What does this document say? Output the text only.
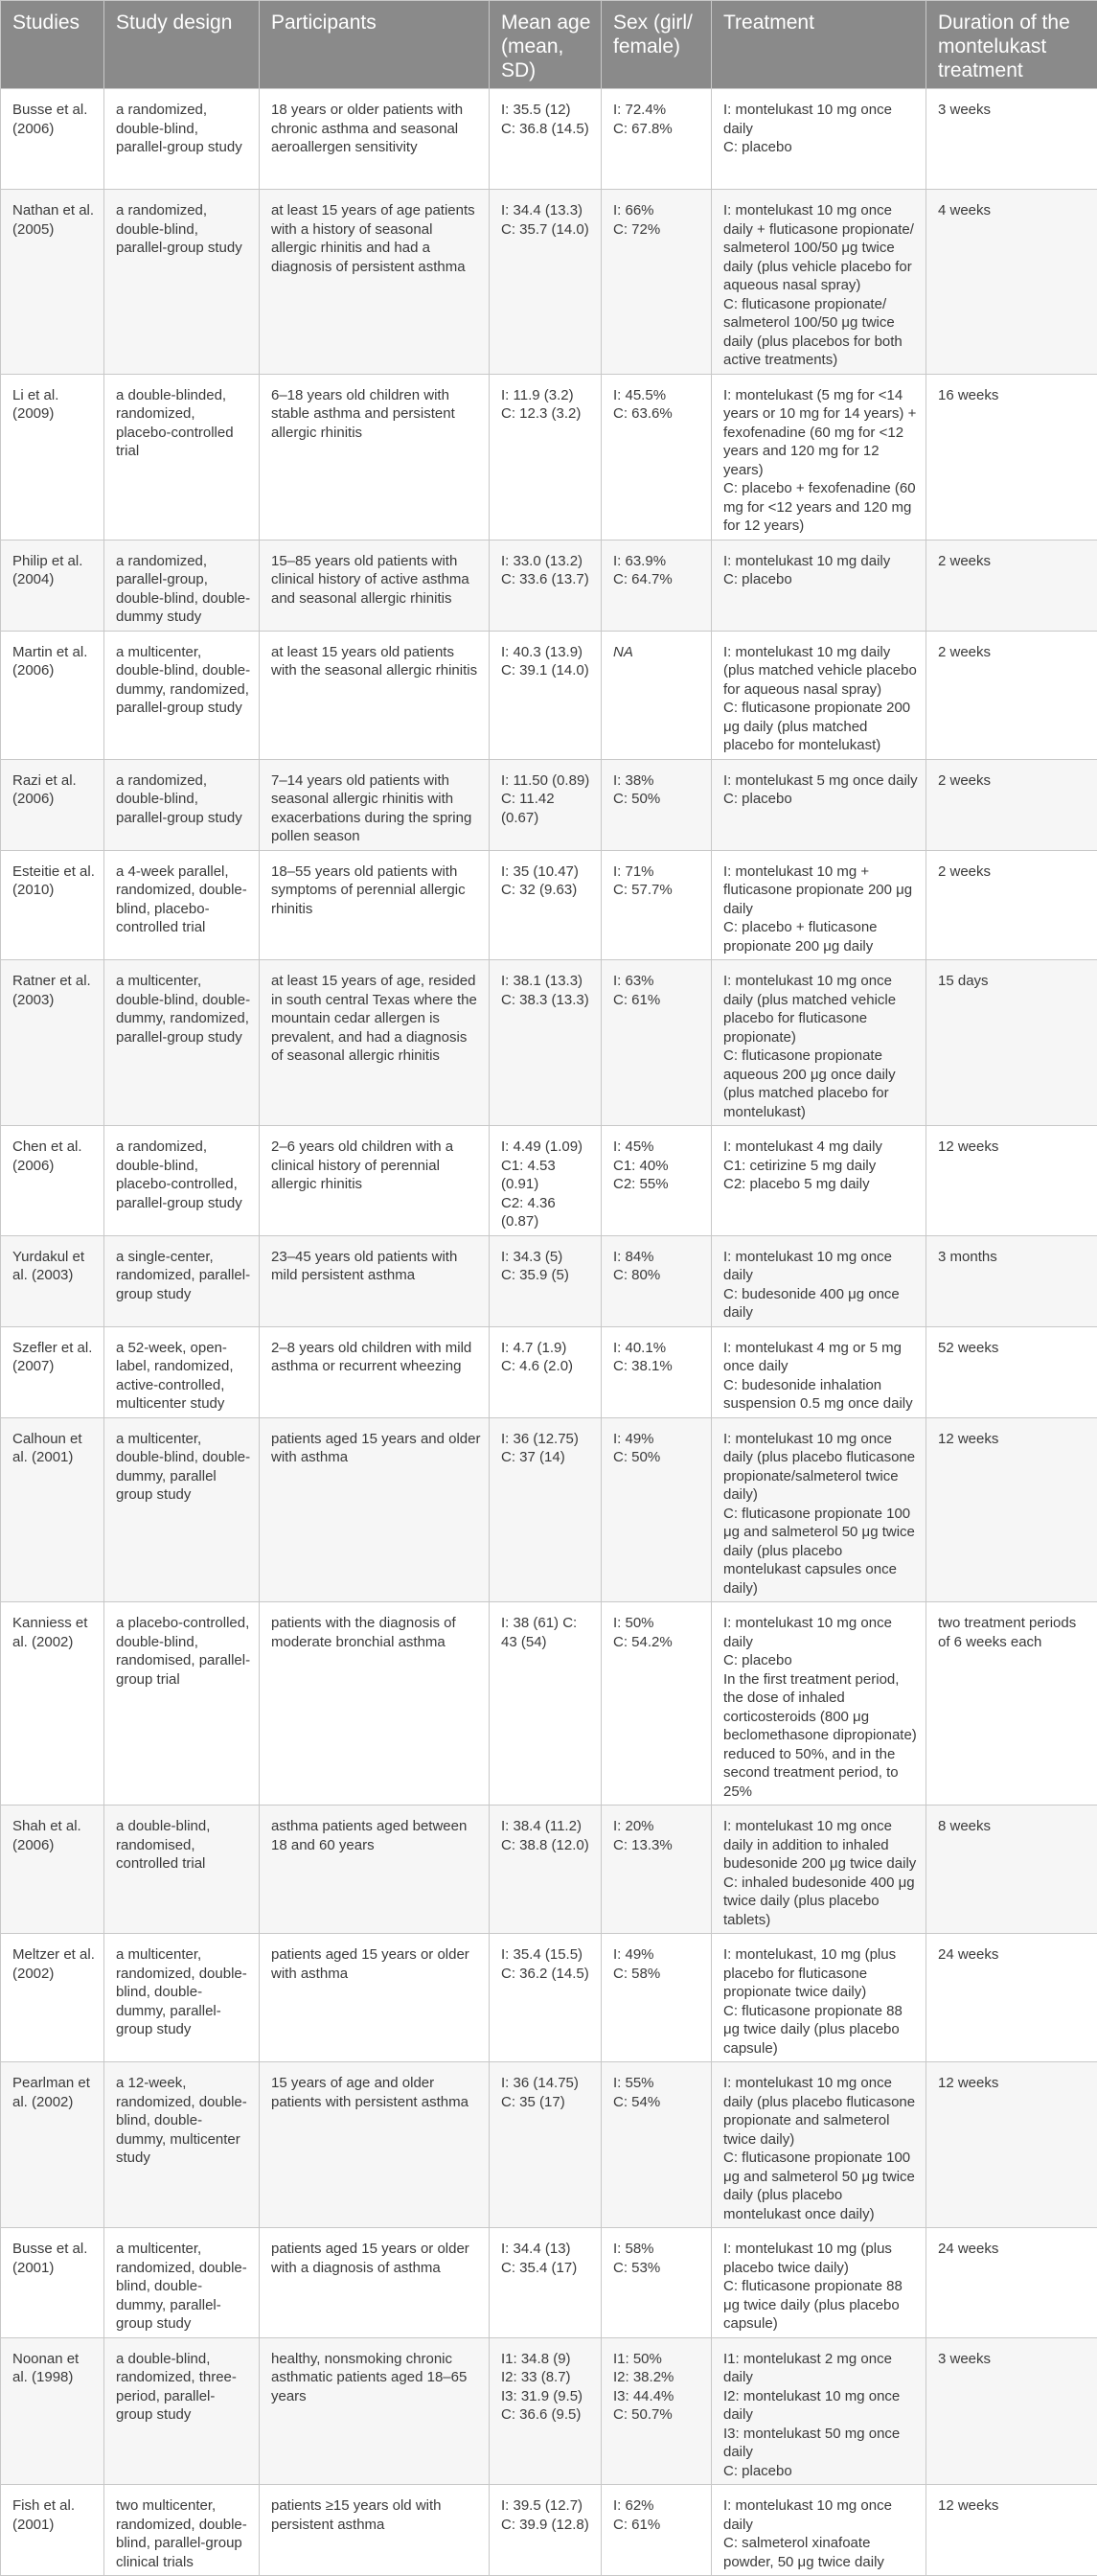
Studies	Study design	Participants	Mean age (mean, SD)	Sex (girl/ female)	Treatment	Duration of the montelukast treatment

Busse et al. (2006)	a randomized, double-blind, parallel-group study	18 years or older patients with chronic asthma and seasonal aeroallergen sensitivity	I: 35.5 (12)
C: 36.8 (14.5)	I: 72.4%
C: 67.8%	I: montelukast 10 mg once daily
C: placebo	3 weeks

Nathan et al. (2005)	a randomized, double-blind, parallel-group study	at least 15 years of age patients with a history of seasonal allergic rhinitis and had a diagnosis of persistent asthma	I: 34.4 (13.3)
C: 35.7 (14.0)	I: 66%
C: 72%	I: montelukast 10 mg once daily + fluticasone propionate/ salmeterol 100/50 μg twice daily (plus vehicle placebo for aqueous nasal spray)
C: fluticasone propionate/ salmeterol 100/50 μg twice daily (plus placebos for both active treatments)	4 weeks

Li et al. (2009)	a double-blinded, randomized, placebo-controlled trial	6–18 years old children with stable asthma and persistent allergic rhinitis	I: 11.9 (3.2)
C: 12.3 (3.2)	I: 45.5%
C: 63.6%	I: montelukast (5 mg for <14 years or 10 mg for 14 years) + fexofenadine (60 mg for <12 years and 120 mg for 12 years)
C: placebo + fexofenadine (60 mg for <12 years and 120 mg for 12 years)	16 weeks

Philip et al. (2004)	a randomized, parallel-group, double-blind, double-dummy study	15–85 years old patients with clinical history of active asthma and seasonal allergic rhinitis	I: 33.0 (13.2)
C: 33.6 (13.7)	I: 63.9%
C: 64.7%	I: montelukast 10 mg daily
C: placebo	2 weeks

Martin et al. (2006)	a multicenter, double-blind, double-dummy, randomized, parallel-group study	at least 15 years old patients with the seasonal allergic rhinitis	I: 40.3 (13.9)
C: 39.1 (14.0)	NA	I: montelukast 10 mg daily (plus matched vehicle placebo for aqueous nasal spray)
C: fluticasone propionate 200 μg daily (plus matched placebo for montelukast)	2 weeks

Razi et al. (2006)	a randomized, double-blind, parallel-group study	7–14 years old patients with seasonal allergic rhinitis with exacerbations during the spring pollen season	I: 11.50 (0.89)
C: 11.42 (0.67)	I: 38%
C: 50%	I: montelukast 5 mg once daily
C: placebo	2 weeks

Esteitie et al. (2010)	a 4-week parallel, randomized, double-blind, placebo-controlled trial	18–55 years old patients with symptoms of perennial allergic rhinitis	I: 35 (10.47)
C: 32 (9.63)	I: 71%
C: 57.7%	I: montelukast 10 mg + fluticasone propionate 200 μg daily
C: placebo + fluticasone propionate 200 μg daily	2 weeks

Ratner et al. (2003)	a multicenter, double-blind, double-dummy, randomized, parallel-group study	at least 15 years of age, resided in south central Texas where the mountain cedar allergen is prevalent, and had a diagnosis of seasonal allergic rhinitis	I: 38.1 (13.3)
C: 38.3 (13.3)	I: 63%
C: 61%	I: montelukast 10 mg once daily (plus matched vehicle placebo for fluticasone propionate)
C: fluticasone propionate aqueous 200 μg once daily (plus matched placebo for montelukast)	15 days

Chen et al. (2006)	a randomized, double-blind, placebo-controlled, parallel-group study	2–6 years old children with a clinical history of perennial allergic rhinitis	I: 4.49 (1.09)
C1: 4.53 (0.91)
C2: 4.36 (0.87)	I: 45%
C1: 40%
C2: 55%	I: montelukast 4 mg daily
C1: cetirizine 5 mg daily
C2: placebo 5 mg daily	12 weeks

Yurdakul et al. (2003)	a single-center, randomized, parallel-group study	23–45 years old patients with mild persistent asthma	I: 34.3 (5)
C: 35.9 (5)	I: 84%
C: 80%	I: montelukast 10 mg once daily
C: budesonide 400 μg once daily	3 months

Szefler et al. (2007)	a 52-week, open-label, randomized, active-controlled, multicenter study	2–8 years old children with mild asthma or recurrent wheezing	I: 4.7 (1.9)
C: 4.6 (2.0)	I: 40.1%
C: 38.1%	I: montelukast 4 mg or 5 mg once daily
C: budesonide inhalation suspension 0.5 mg once daily	52 weeks

Calhoun et al. (2001)	a multicenter, double-blind, double-dummy, parallel group study	patients aged 15 years and older with asthma	I: 36 (12.75)
C: 37 (14)	I: 49%
C: 50%	I: montelukast 10 mg once daily (plus placebo fluticasone propionate/salmeterol twice daily)
C: fluticasone propionate 100 μg and salmeterol 50 μg twice daily (plus placebo montelukast capsules once daily)	12 weeks

Kanniess et al. (2002)	a placebo-controlled, double-blind, randomised, parallel-group trial	patients with the diagnosis of moderate bronchial asthma	I: 38 (61) C: 43 (54)	I: 50%
C: 54.2%	I: montelukast 10 mg once daily
C: placebo
In the first treatment period, the dose of inhaled corticosteroids (800 μg beclomethasone dipropionate) reduced to 50%, and in the second treatment period, to 25%	two treatment periods of 6 weeks each

Shah et al. (2006)	a double-blind, randomised, controlled trial	asthma patients aged between 18 and 60 years	I: 38.4 (11.2)
C: 38.8 (12.0)	I: 20%
C: 13.3%	I: montelukast 10 mg once daily in addition to inhaled budesonide 200 μg twice daily
C: inhaled budesonide 400 μg twice daily (plus placebo tablets)	8 weeks

Meltzer et al. (2002)	a multicenter, randomized, double-blind, double-dummy, parallel-group study	patients aged 15 years or older with asthma	I: 35.4 (15.5)
C: 36.2 (14.5)	I: 49%
C: 58%	I: montelukast, 10 mg (plus placebo for fluticasone propionate twice daily)
C: fluticasone propionate 88 μg twice daily (plus placebo capsule)	24 weeks

Pearlman et al. (2002)	a 12-week, randomized, double-blind, double-dummy, multicenter study	15 years of age and older patients with persistent asthma	I: 36 (14.75)
C: 35 (17)	I: 55%
C: 54%	I: montelukast 10 mg once daily (plus placebo fluticasone propionate and salmeterol twice daily)
C: fluticasone propionate 100 μg and salmeterol 50 μg twice daily (plus placebo montelukast once daily)	12 weeks

Busse et al. (2001)	a multicenter, randomized, double-blind, double-dummy, parallel-group study	patients aged 15 years or older with a diagnosis of asthma	I: 34.4 (13)
C: 35.4 (17)	I: 58%
C: 53%	I: montelukast 10 mg (plus placebo twice daily)
C: fluticasone propionate 88 μg twice daily (plus placebo capsule)	24 weeks

Noonan et al. (1998)	a double-blind, randomized, three-period, parallel-group study	healthy, nonsmoking chronic asthmatic patients aged 18–65 years	I1: 34.8 (9)
I2: 33 (8.7)
I3: 31.9 (9.5)
C: 36.6 (9.5)	I1: 50%
I2: 38.2%
I3: 44.4%
C: 50.7%	I1: montelukast 2 mg once daily
I2: montelukast 10 mg once daily
I3: montelukast 50 mg once daily
C: placebo	3 weeks

Fish et al. (2001)	two multicenter, randomized, double-blind, parallel-group clinical trials	patients ≥15 years old with persistent asthma	I: 39.5 (12.7)
C: 39.9 (12.8)	I: 62%
C: 61%	I: montelukast 10 mg once daily
C: salmeterol xinafoate powder, 50 μg twice daily	12 weeks
